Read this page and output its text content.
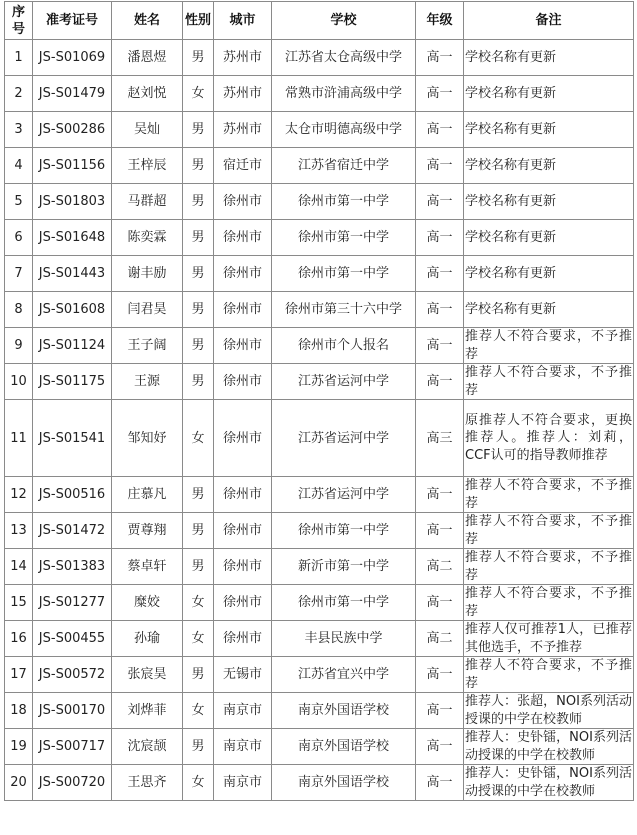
序号	准考证号	姓名	性别	城市	学校	年级	备注
1	JS-S01069	潘恩煜	男	苏州市	江苏省太仓高级中学	高一	学校名称有更新
2	JS-S01479	赵刘悦	女	苏州市	常熟市浒浦高级中学	高一	学校名称有更新
3	JS-S00286	吴灿	男	苏州市	太仓市明德高级中学	高一	学校名称有更新
4	JS-S01156	王梓辰	男	宿迁市	江苏省宿迁中学	高一	学校名称有更新
5	JS-S01803	马群超	男	徐州市	徐州市第一中学	高一	学校名称有更新
6	JS-S01648	陈奕霖	男	徐州市	徐州市第一中学	高一	学校名称有更新
7	JS-S01443	谢丰励	男	徐州市	徐州市第一中学	高一	学校名称有更新
8	JS-S01608	闫君昊	男	徐州市	徐州市第三十六中学	高一	学校名称有更新
9	JS-S01124	王子阔	男	徐州市	徐州市个人报名	高一	推荐人不符合要求，不予推荐
10	JS-S01175	王源	男	徐州市	江苏省运河中学	高一	推荐人不符合要求，不予推荐
11	JS-S01541	邹知妤	女	徐州市	江苏省运河中学	高三	原推荐人不符合要求，更换推荐人。推荐人：刘莉，CCF认可的指导教师推荐
12	JS-S00516	庄慕凡	男	徐州市	江苏省运河中学	高一	推荐人不符合要求，不予推荐
13	JS-S01472	贾尊翔	男	徐州市	徐州市第一中学	高一	推荐人不符合要求，不予推荐
14	JS-S01383	蔡卓轩	男	徐州市	新沂市第一中学	高二	推荐人不符合要求，不予推荐
15	JS-S01277	糜姣	女	徐州市	徐州市第一中学	高一	推荐人不符合要求，不予推荐
16	JS-S00455	孙瑜	女	徐州市	丰县民族中学	高二	推荐人仅可推荐1人，已推荐其他选手，不予推荐
17	JS-S00572	张宸昊	男	无锡市	江苏省宜兴中学	高一	推荐人不符合要求，不予推荐
18	JS-S00170	刘烨菲	女	南京市	南京外国语学校	高一	推荐人：张超，NOI系列活动授课的中学在校教师
19	JS-S00717	沈宸颉	男	南京市	南京外国语学校	高一	推荐人：史钋镭，NOI系列活动授课的中学在校教师
20	JS-S00720	王思齐	女	南京市	南京外国语学校	高一	推荐人：史钋镭，NOI系列活动授课的中学在校教师
